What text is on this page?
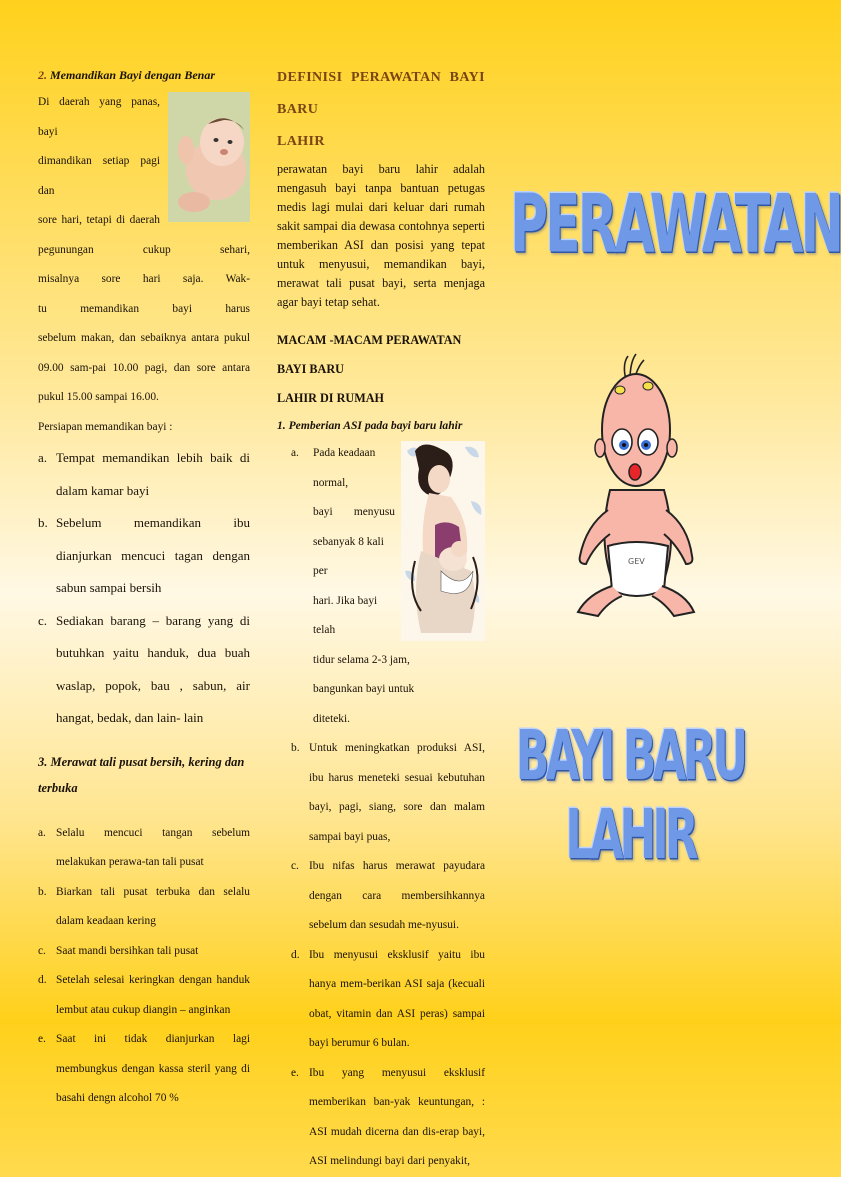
2. Memandikan Bayi dengan Benar

Di daerah yang panas, bayi

dimandikan setiap pagi dan

sore hari, tetapi di daerah

pegunungan cukup sehari,

misalnya sore hari saja. Wak-

tu memandikan bayi harus

sebelum makan, dan sebaiknya antara pukul 09.00 sam-pai 10.00 pagi, dan sore antara pukul 15.00 sampai 16.00.

Persiapan memandikan bayi :

a. Tempat memandikan lebih baik di dalam kamar bayi
b. Sebelum memandikan ibu dianjurkan mencuci tagan dengan sabun sampai bersih
c. Sediakan barang – barang yang di butuhkan yaitu handuk, dua buah waslap, popok, bau , sabun, air hangat, bedak, dan lain- lain

3. Merawat tali pusat bersih, kering dan terbuka

a. Selalu mencuci tangan sebelum melakukan perawa-tan tali pusat
b. Biarkan tali pusat terbuka dan selalu dalam keadaan kering
c. Saat mandi bersihkan tali pusat
d. Setelah selesai keringkan dengan handuk lembut atau cukup diangin – anginkan
e. Saat ini tidak dianjurkan lagi membungkus dengan kassa steril yang di basahi dengn alcohol 70 %

DEFINISI PERAWATAN BAYI BARU

LAHIR

perawatan bayi baru lahir adalah mengasuh bayi tanpa bantuan petugas medis lagi mulai dari keluar dari rumah sakit sampai dia dewasa contohnya seperti memberikan ASI dan posisi yang tepat untuk menyusui, memandikan bayi, merawat tali pusat bayi, serta menjaga agar bayi tetap sehat.

MACAM -MACAM PERAWATAN BAYI BARU

LAHIR DI RUMAH

1. Pemberian ASI pada bayi baru lahir

a. Pada keadaan normal,
bayi menyusu
sebanyak 8 kali per
hari. Jika bayi telah
tidur selama 2-3 jam,
bangunkan bayi untuk
diteteki.
b. Untuk meningkatkan produksi ASI, ibu harus meneteki sesuai kebutuhan bayi, pagi, siang, sore dan malam sampai bayi puas,
c. Ibu nifas harus merawat payudara dengan cara membersihkannya sebelum dan sesudah me-nyusui.
d. Ibu menyusui eksklusif yaitu ibu hanya mem-berikan ASI saja (kecuali obat, vitamin dan ASI peras) sampai bayi berumur 6 bulan.
e. Ibu yang menyusui eksklusif memberikan ban-yak keuntungan, : ASI mudah dicerna dan dis-erap bayi, ASI melindungi bayi dari penyakit,
PERAWATAN
GEV
BAYI BARU LAHIR
